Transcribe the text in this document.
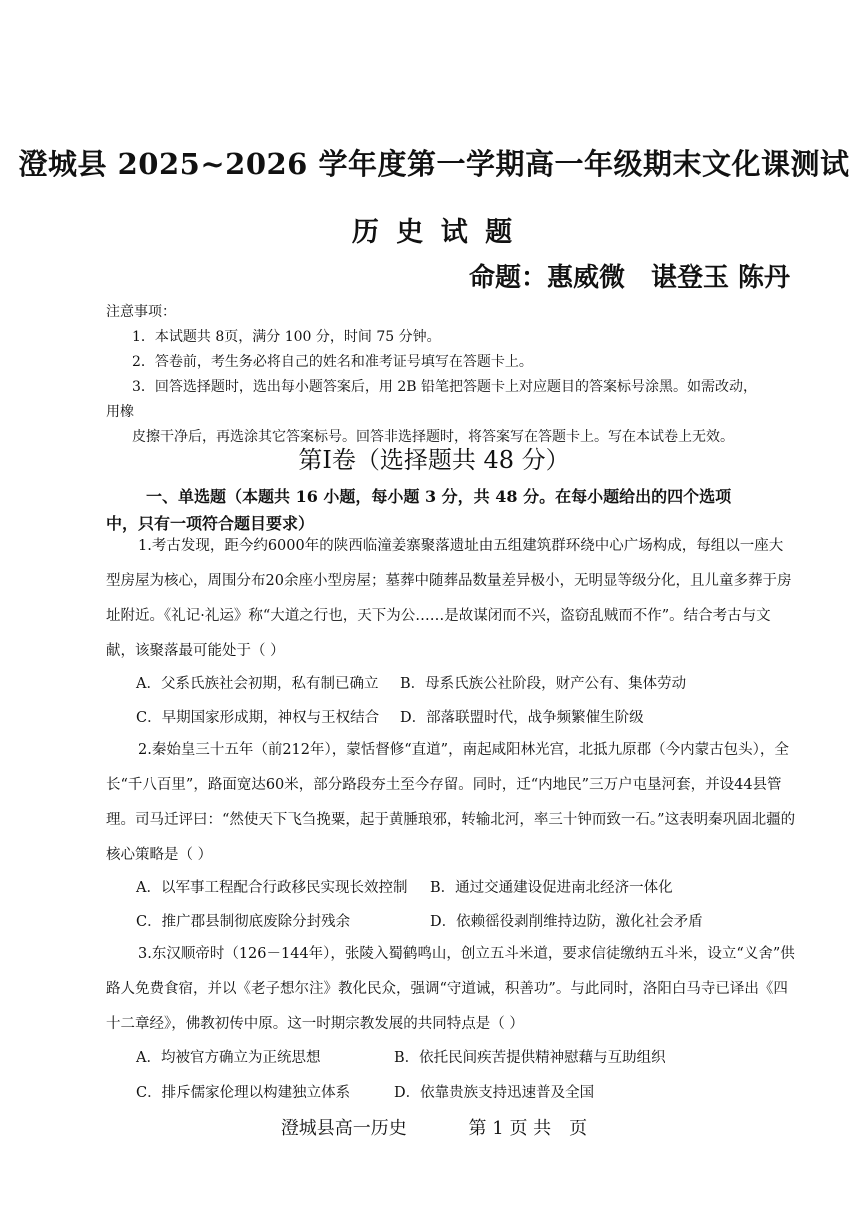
澄城县 2025~2026 学年度第一学期高一年级期末文化课测试
历 史 试 题
命题：惠威微　谌登玉 陈丹
注意事项：
1．本试题共 8页，满分 100 分，时间 75 分钟。
2．答卷前，考生务必将自己的姓名和准考证号填写在答题卡上。
3．回答选择题时，选出每小题答案后，用 2B 铅笔把答题卡上对应题目的答案标号涂黑。如需改动，
用橡
皮擦干净后，再选涂其它答案标号。回答非选择题时，将答案写在答题卡上。写在本试卷上无效。
第Ⅰ卷（选择题共 48 分）
一、单选题（本题共 16 小题，每小题 3 分，共 48 分。在每小题给出的四个选项
中，只有一项符合题目要求）

1.考古发现，距今约6000年的陕西临潼姜寨聚落遗址由五组建筑群环绕中心广场构成，每组以一座大型房屋为核心，周围分布20余座小型房屋；墓葬中随葬品数量差异极小，无明显等级分化，且儿童多葬于房址附近。《礼记·礼运》称“大道之行也，天下为公……是故谋闭而不兴，盗窃乱贼而不作”。结合考古与文献，该聚落最可能处于（ ）

A．父系氏族社会初期，私有制已确立 B．母系氏族公社阶段，财产公有、集体劳动
C．早期国家形成期，神权与王权结合 D．部落联盟时代，战争频繁催生阶级

2.秦始皇三十五年（前212年），蒙恬督修“直道”，南起咸阳林光宫，北抵九原郡（今内蒙古包头），全长“千八百里”，路面宽达60米，部分路段夯土至今存留。同时，迁“内地民”三万户屯垦河套，并设44县管理。司马迁评曰：“然使天下飞刍挽粟，起于黄腄琅邪，转输北河，率三十钟而致一石。”这表明秦巩固北疆的核心策略是（ ）

A．以军事工程配合行政移民实现长效控制 B．通过交通建设促进南北经济一体化
C．推广郡县制彻底废除分封残余	D．依赖徭役剥削维持边防，激化社会矛盾

3.东汉顺帝时（126－144年），张陵入蜀鹤鸣山，创立五斗米道，要求信徒缴纳五斗米，设立“义舍”供路人免费食宿，并以《老子想尔注》教化民众，强调“守道诫，积善功”。与此同时，洛阳白马寺已译出《四十二章经》，佛教初传中原。这一时期宗教发展的共同特点是（ ）

A．均被官方确立为正统思想	B．依托民间疾苦提供精神慰藉与互助组织
C．排斥儒家伦理以构建独立体系	D．依靠贵族支持迅速普及全国
澄城县高一历史	第 1 页 共　页
